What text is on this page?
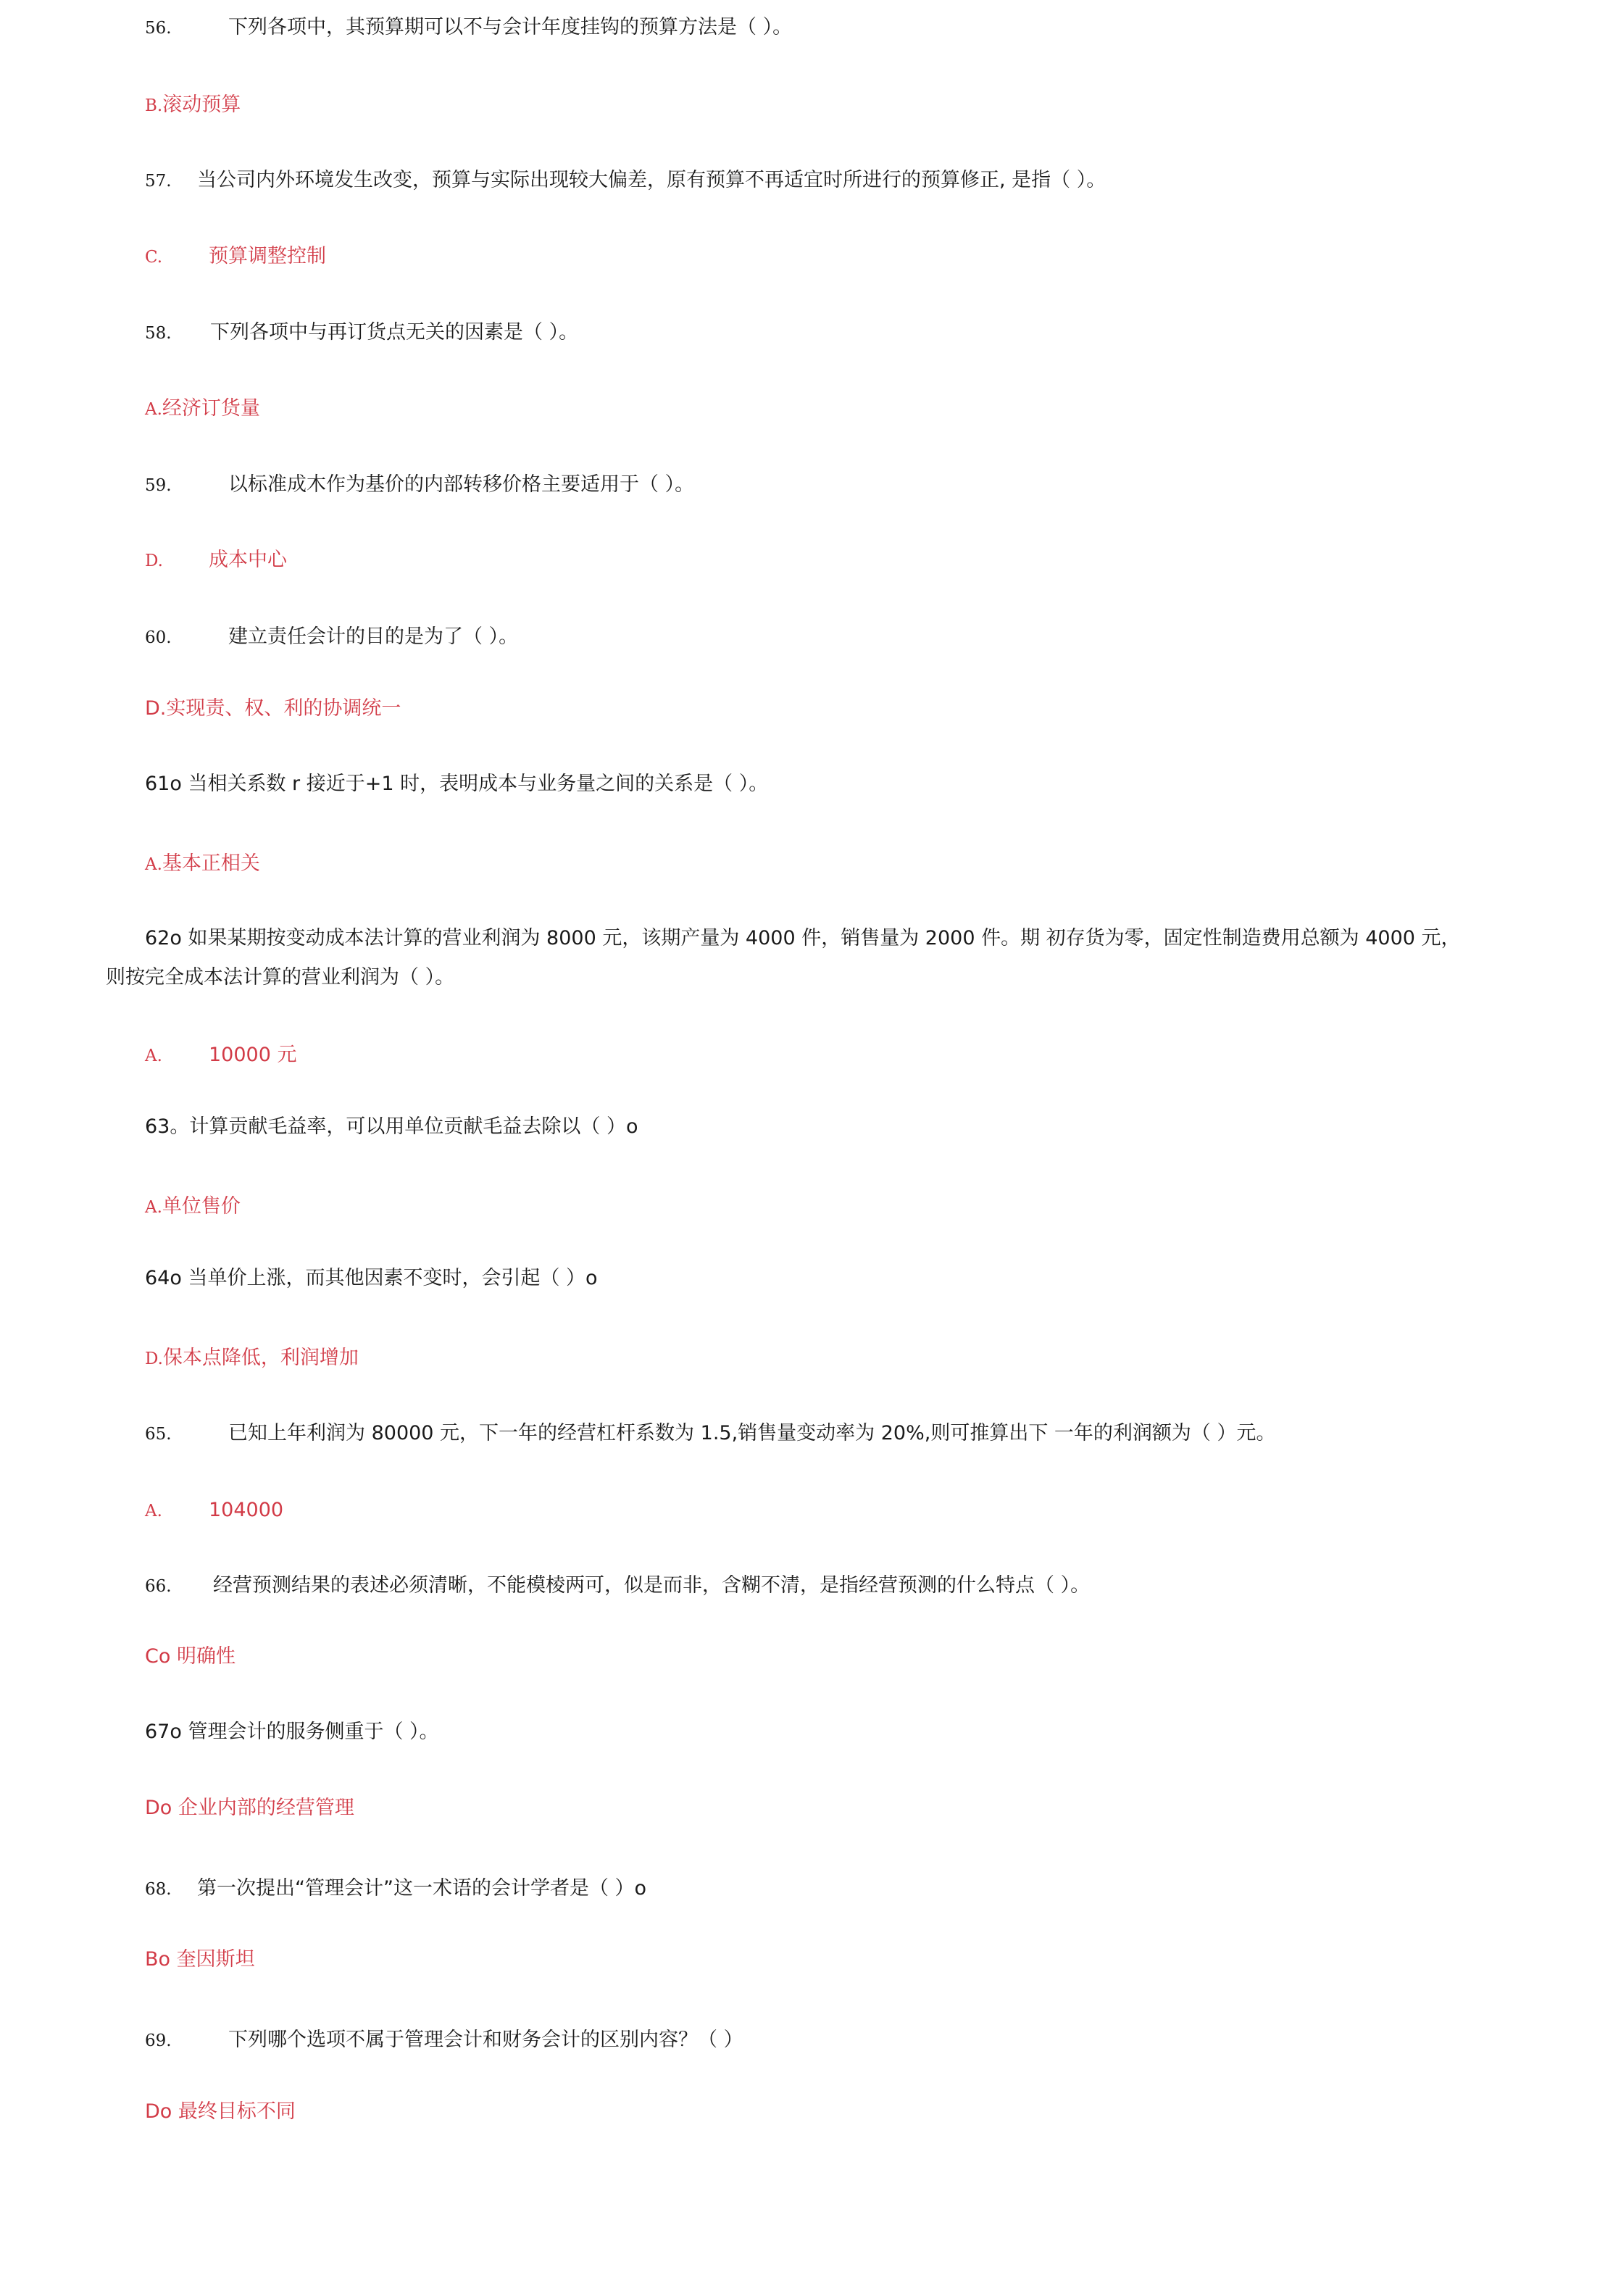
56.	下列各项中，其预算期可以不与会计年度挂钩的预算方法是（ ）。
B.滚动预算
57. 当公司内外环境发生改变，预算与实际出现较大偏差，原有预算不再适宜时所进行的预算修正, 是指（ ）。
C. 预算调整控制
58. 下列各项中与再订货点无关的因素是（ ）。
A.经济订货量
59.	以标准成木作为基价的内部转移价格主要适用于（ ）。
D. 成本中心
60.	建立责任会计的目的是为了（ ）。
D.实现责、权、利的协调统一
61o 当相关系数 r 接近于+1 时，表明成本与业务量之间的关系是（ ）。
A.基本正相关
62o 如果某期按变动成本法计算的营业利润为 8000 元，该期产量为 4000 件，销售量为 2000 件。期 初存货为零，固定性制造费用总额为 4000 元，则按完全成本法计算的营业利润为（ ）。
A. 10000 元
63。计算贡献毛益率，可以用单位贡献毛益去除以（ ）o
A.单位售价
64o 当单价上涨，而其他因素不变时，会引起（ ）o
D.保本点降低，利润增加
65.	已知上年利润为 80000 元，下一年的经营杠杆系数为 1.5,销售量变动率为 20%,则可推算出下 一年的利润额为（ ）元。
A. 104000
66. 经营预测结果的表述必须清晰，不能模棱两可，似是而非，含糊不清，是指经营预测的什么特点（ ）。
Co 明确性
67o 管理会计的服务侧重于（ ）。
Do 企业内部的经营管理
68. 第一次提出“管理会计”这一术语的会计学者是（ ）o
Bo 奎因斯坦
69.	下列哪个选项不属于管理会计和财务会计的区别内容？（ ）
Do 最终目标不同
